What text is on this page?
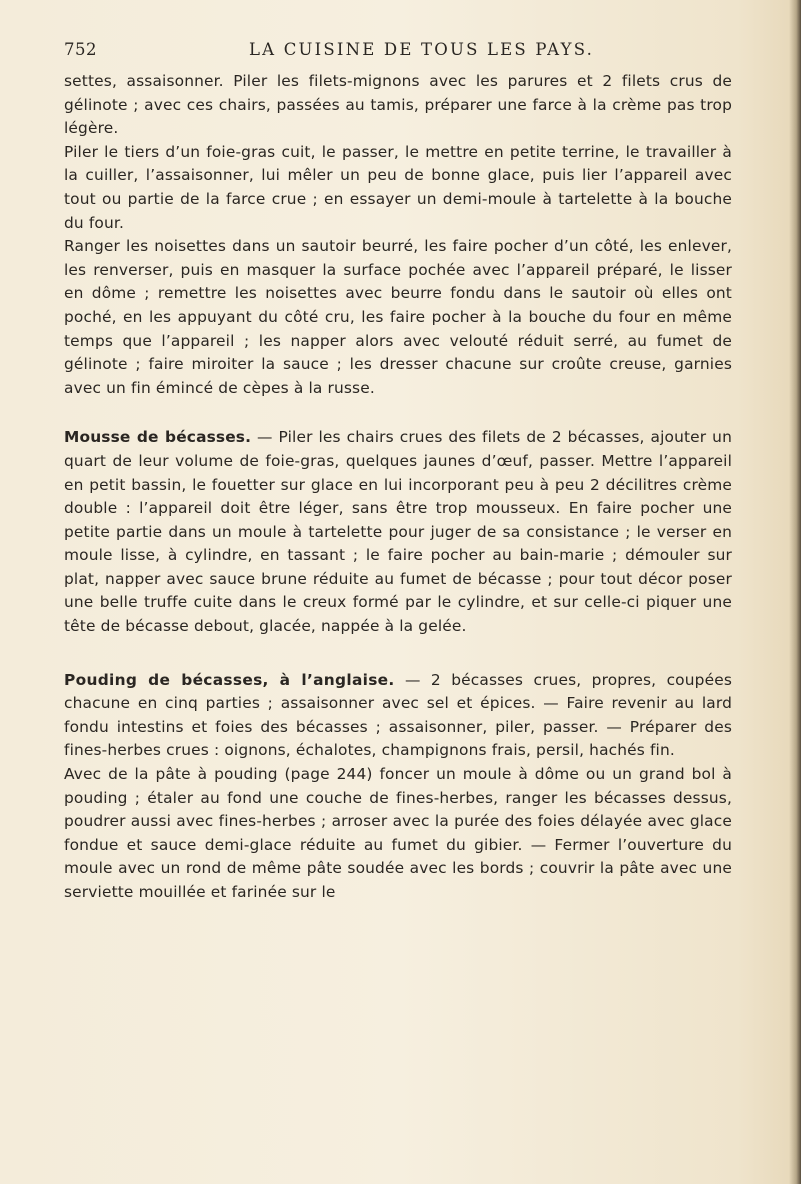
752	LA CUISINE DE TOUS LES PAYS.

settes, assaisonner. Piler les filets-mignons avec les parures et 2 filets crus de gélinote ; avec ces chairs, passées au tamis, préparer une farce à la crème pas trop légère.

Piler le tiers d’un foie-gras cuit, le passer, le mettre en petite terrine, le travailler à la cuiller, l’assaisonner, lui mêler un peu de bonne glace, puis lier l’appareil avec tout ou partie de la farce crue ; en essayer un demi-moule à tartelette à la bouche du four.

Ranger les noisettes dans un sautoir beurré, les faire pocher d’un côté, les enlever, les renverser, puis en masquer la surface pochée avec l’appareil préparé, le lisser en dôme ; remettre les noisettes avec beurre fondu dans le sautoir où elles ont poché, en les appuyant du côté cru, les faire pocher à la bouche du four en même temps que l’appareil ; les napper alors avec velouté réduit serré, au fumet de gélinote ; faire miroiter la sauce ; les dresser chacune sur croûte creuse, garnies avec un fin émincé de cèpes à la russe.

Mousse de bécasses. — Piler les chairs crues des filets de 2 bécasses, ajouter un quart de leur volume de foie-gras, quelques jaunes d’œuf, passer. Mettre l’appareil en petit bassin, le fouetter sur glace en lui incorporant peu à peu 2 décilitres crème double : l’appareil doit être léger, sans être trop mousseux. En faire pocher une petite partie dans un moule à tartelette pour juger de sa consistance ; le verser en moule lisse, à cylindre, en tassant ; le faire pocher au bain-marie ; démouler sur plat, napper avec sauce brune réduite au fumet de bécasse ; pour tout décor poser une belle truffe cuite dans le creux formé par le cylindre, et sur celle-ci piquer une tête de bécasse debout, glacée, nappée à la gelée.

Pouding de bécasses, à l’anglaise. — 2 bécasses crues, propres, coupées chacune en cinq parties ; assaisonner avec sel et épices. — Faire revenir au lard fondu intestins et foies des bécasses ; assaisonner, piler, passer. — Préparer des fines-herbes crues : oignons, échalotes, champignons frais, persil, hachés fin.

Avec de la pâte à pouding (page 244) foncer un moule à dôme ou un grand bol à pouding ; étaler au fond une couche de fines-herbes, ranger les bécasses dessus, poudrer aussi avec fines-herbes ; arroser avec la purée des foies délayée avec glace fondue et sauce demi-glace réduite au fumet du gibier. — Fermer l’ouverture du moule avec un rond de même pâte soudée avec les bords ; couvrir la pâte avec une serviette mouillée et farinée sur le
